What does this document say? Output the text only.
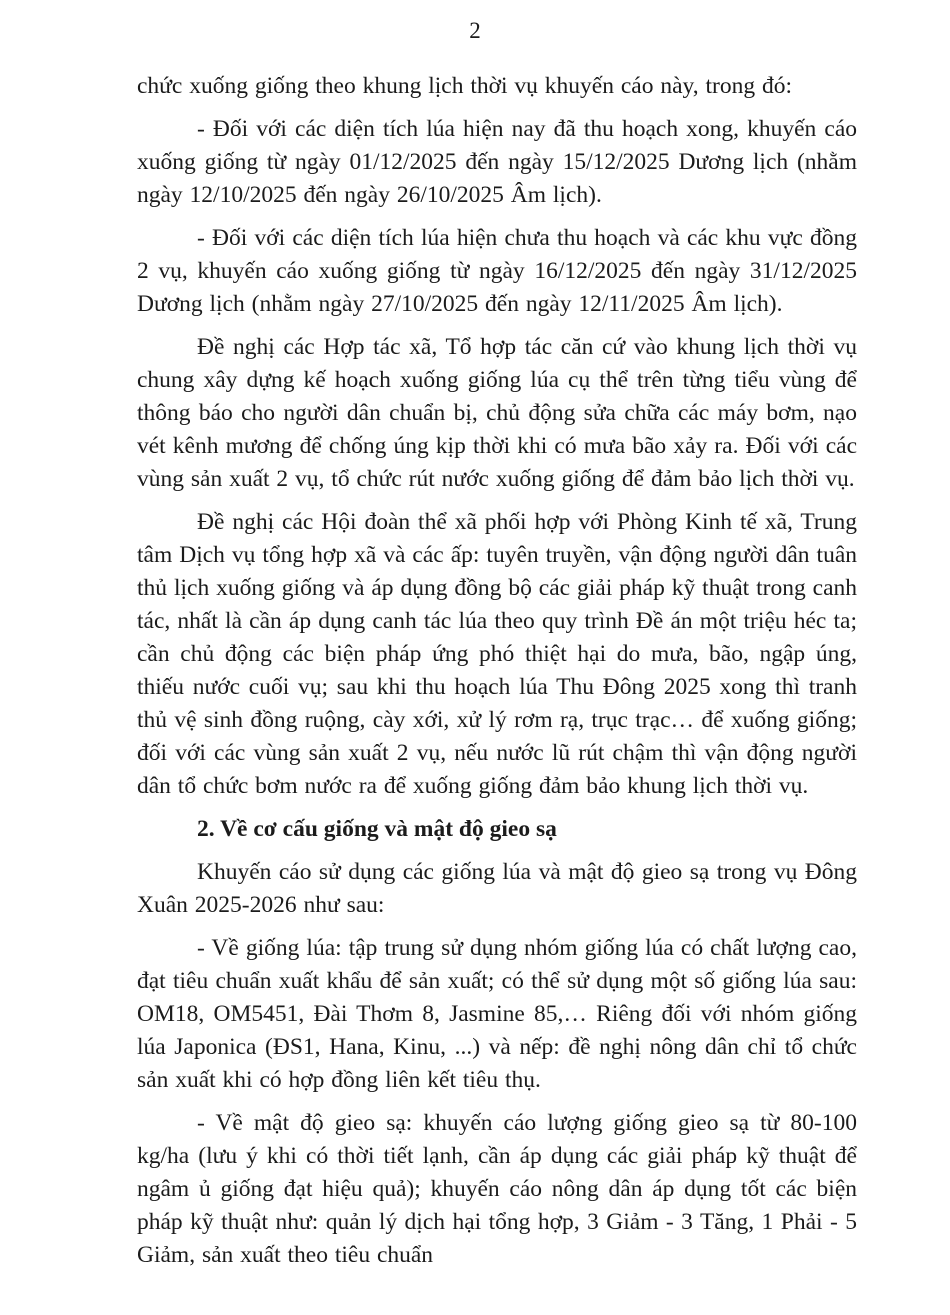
2

chức xuống giống theo khung lịch thời vụ khuyến cáo này, trong đó:

- Đối với các diện tích lúa hiện nay đã thu hoạch xong, khuyến cáo xuống giống từ ngày 01/12/2025 đến ngày 15/12/2025 Dương lịch (nhằm ngày 12/10/2025 đến ngày 26/10/2025 Âm lịch).

- Đối với các diện tích lúa hiện chưa thu hoạch và các khu vực đồng 2 vụ, khuyến cáo xuống giống từ ngày 16/12/2025 đến ngày 31/12/2025 Dương lịch (nhằm ngày 27/10/2025 đến ngày 12/11/2025 Âm lịch).

Đề nghị các Hợp tác xã, Tổ hợp tác căn cứ vào khung lịch thời vụ chung xây dựng kế hoạch xuống giống lúa cụ thể trên từng tiểu vùng để thông báo cho người dân chuẩn bị, chủ động sửa chữa các máy bơm, nạo vét kênh mương để chống úng kịp thời khi có mưa bão xảy ra. Đối với các vùng sản xuất 2 vụ, tổ chức rút nước xuống giống để đảm bảo lịch thời vụ.

Đề nghị các Hội đoàn thể xã phối hợp với Phòng Kinh tế xã, Trung tâm Dịch vụ tổng hợp xã và các ấp: tuyên truyền, vận động người dân tuân thủ lịch xuống giống và áp dụng đồng bộ các giải pháp kỹ thuật trong canh tác, nhất là cần áp dụng canh tác lúa theo quy trình Đề án một triệu héc ta; cần chủ động các biện pháp ứng phó thiệt hại do mưa, bão, ngập úng, thiếu nước cuối vụ; sau khi thu hoạch lúa Thu Đông 2025 xong thì tranh thủ vệ sinh đồng ruộng, cày xới, xử lý rơm rạ, trục trạc… để xuống giống; đối với các vùng sản xuất 2 vụ, nếu nước lũ rút chậm thì vận động người dân tổ chức bơm nước ra để xuống giống đảm bảo khung lịch thời vụ.

2. Về cơ cấu giống và mật độ gieo sạ

Khuyến cáo sử dụng các giống lúa và mật độ gieo sạ trong vụ Đông Xuân 2025-2026 như sau:

- Về giống lúa: tập trung sử dụng nhóm giống lúa có chất lượng cao, đạt tiêu chuẩn xuất khẩu để sản xuất; có thể sử dụng một số giống lúa sau: OM18, OM5451, Đài Thơm 8, Jasmine 85,… Riêng đối với nhóm giống lúa Japonica (ĐS1, Hana, Kinu, ...) và nếp: đề nghị nông dân chỉ tổ chức sản xuất khi có hợp đồng liên kết tiêu thụ.

- Về mật độ gieo sạ: khuyến cáo lượng giống gieo sạ từ 80-100 kg/ha (lưu ý khi có thời tiết lạnh, cần áp dụng các giải pháp kỹ thuật để ngâm ủ giống đạt hiệu quả); khuyến cáo nông dân áp dụng tốt các biện pháp kỹ thuật như: quản lý dịch hại tổng hợp, 3 Giảm - 3 Tăng, 1 Phải - 5 Giảm, sản xuất theo tiêu chuẩn
